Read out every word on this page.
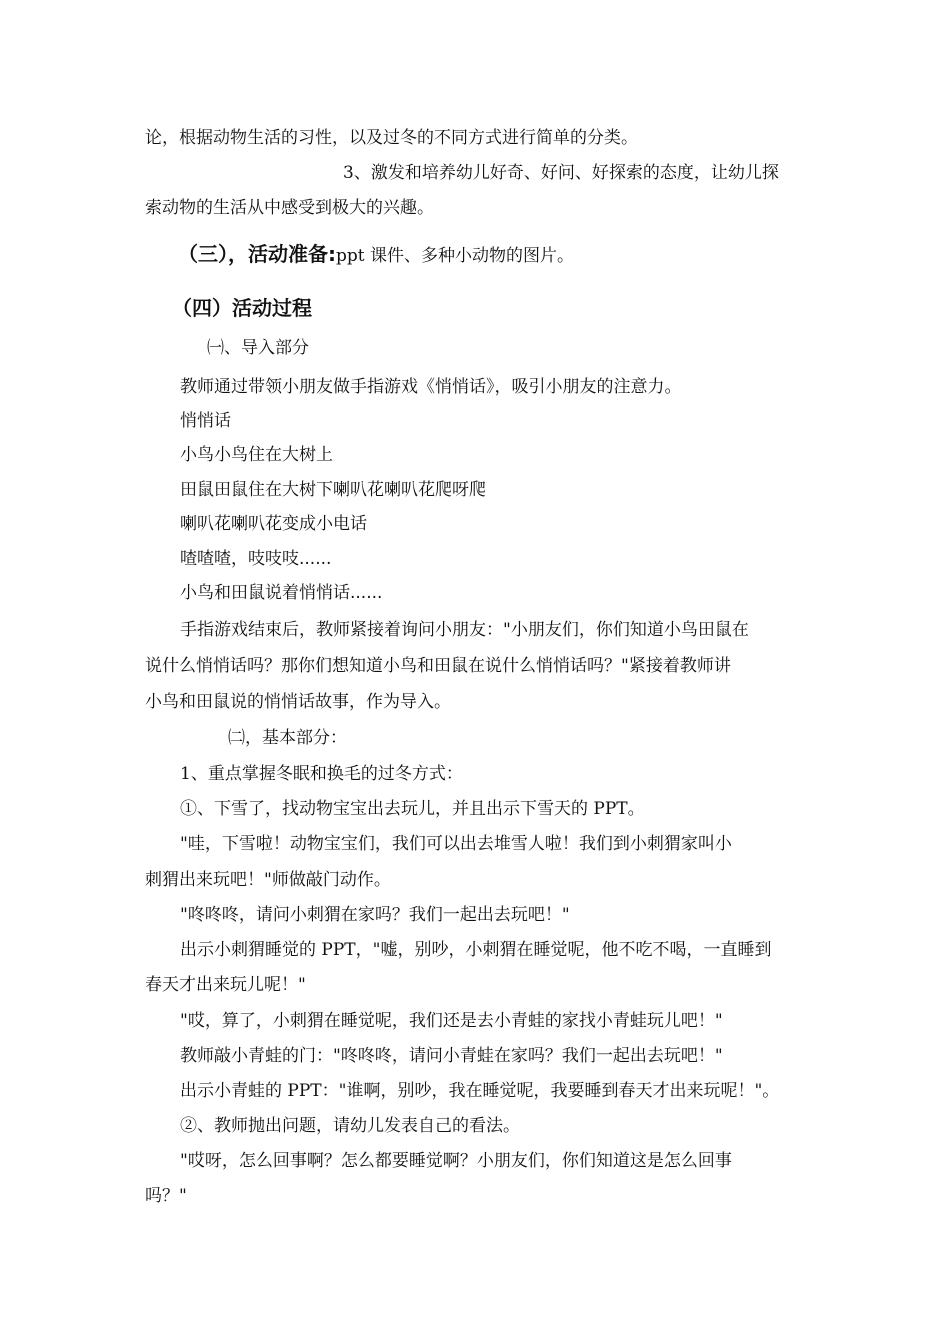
论，根据动物生活的习性，以及过冬的不同方式进行简单的分类。
3、激发和培养幼儿好奇、好问、好探索的态度，让幼儿探
索动物的生活从中感受到极大的兴趣。
（三），活动准备:ppt 课件、多种小动物的图片。
（四）活动过程
㈠、导入部分
教师通过带领小朋友做手指游戏《悄悄话》，吸引小朋友的注意力。
悄悄话
小鸟小鸟住在大树上
田鼠田鼠住在大树下喇叭花喇叭花爬呀爬
喇叭花喇叭花变成小电话
喳喳喳，吱吱吱......
小鸟和田鼠说着悄悄话......
手指游戏结束后，教师紧接着询问小朋友："小朋友们，你们知道小鸟田鼠在
说什么悄悄话吗？那你们想知道小鸟和田鼠在说什么悄悄话吗？"紧接着教师讲
小鸟和田鼠说的悄悄话故事，作为导入。
㈡，基本部分：
1、重点掌握冬眠和换毛的过冬方式：
①、下雪了，找动物宝宝出去玩儿，并且出示下雪天的 PPT。
"哇，下雪啦！动物宝宝们，我们可以出去堆雪人啦！我们到小刺猬家叫小
刺猬出来玩吧！"师做敲门动作。
"咚咚咚，请问小刺猬在家吗？我们一起出去玩吧！"
出示小刺猬睡觉的 PPT，"嘘，别吵，小刺猬在睡觉呢，他不吃不喝，一直睡到
春天才出来玩儿呢！"
"哎，算了，小刺猬在睡觉呢，我们还是去小青蛙的家找小青蛙玩儿吧！"
教师敲小青蛙的门："咚咚咚，请问小青蛙在家吗？我们一起出去玩吧！"
出示小青蛙的 PPT："谁啊，别吵，我在睡觉呢，我要睡到春天才出来玩呢！"。
②、教师抛出问题，请幼儿发表自己的看法。
"哎呀，怎么回事啊？怎么都要睡觉啊？小朋友们，你们知道这是怎么回事
吗？"
